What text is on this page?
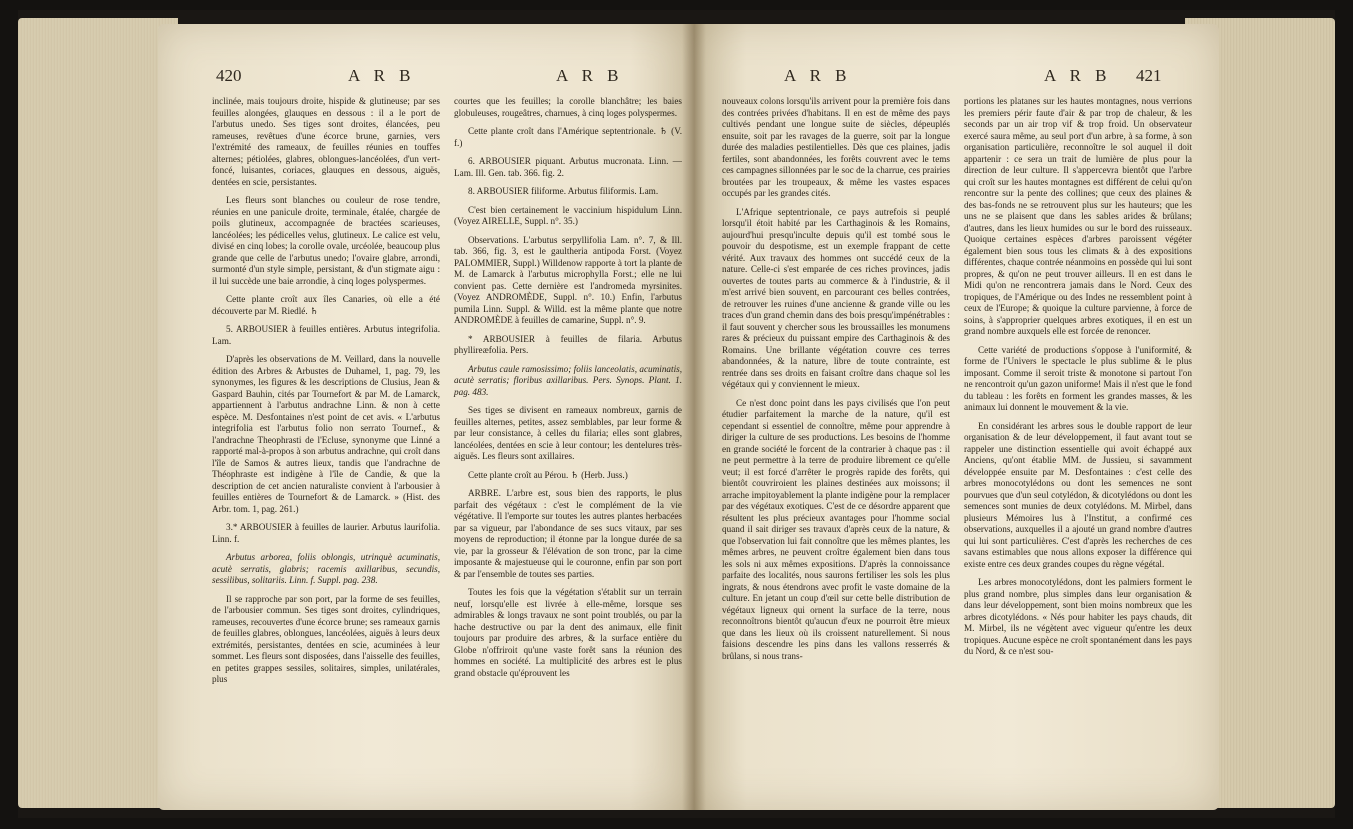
420	A R B	A R B

inclinée, mais toujours droite, hispide & glutineuse; par ses feuilles alongées, glauques en dessous : il a le port de l'arbutus unedo. Ses tiges sont droites, élancées, peu rameuses, revêtues d'une écorce brune, garnies, vers l'extrémité des rameaux, de feuilles réunies en touffes alternes; pétiolées, glabres, oblongues-lancéolées, d'un vert-foncé, luisantes, coriaces, glauques en dessous, aiguës, dentées en scie, persistantes.

Les fleurs sont blanches ou couleur de rose tendre, réunies en une panicule droite, terminale, étalée, chargée de poils glutineux, accompagnée de bractées scarieuses, lancéolées; les pédicelles velus, glutineux. Le calice est velu, divisé en cinq lobes; la corolle ovale, urcéolée, beaucoup plus grande que celle de l'arbutus unedo; l'ovaire glabre, arrondi, surmonté d'un style simple, persistant, & d'un stigmate aigu : il lui succède une baie arrondie, à cinq loges polyspermes.

Cette plante croît aux îles Canaries, où elle a été découverte par M. Riedlé. ♄

5. ARBOUSIER à feuilles entières. Arbutus integrifolia. Lam.

D'après les observations de M. Veillard, dans la nouvelle édition des Arbres & Arbustes de Duhamel, 1, pag. 79, les synonymes, les figures & les descriptions de Clusius, Jean & Gaspard Bauhin, cités par Tournefort & par M. de Lamarck, appartiennent à l'arbutus andrachne Linn. & non à cette espèce. M. Desfontaines n'est point de cet avis. « L'arbutus integrifolia est l'arbutus folio non serrato Tournef., & l'andrachne Theophrasti de l'Ecluse, synonyme que Linné a rapporté mal-à-propos à son arbutus andrachne, qui croît dans l'île de Samos & autres lieux, tandis que l'andrachne de Théophraste est indigène à l'île de Candie, & que la description de cet ancien naturaliste convient à l'arbousier à feuilles entières de Tournefort & de Lamarck. » (Hist. des Arbr. tom. 1, pag. 261.)

3.* ARBOUSIER à feuilles de laurier. Arbutus laurifolia. Linn. f.

Arbutus arborea, foliis oblongis, utrinquè acuminatis, acutè serratis, glabris; racemis axillaribus, secundis, sessilibus, solitariis. Linn. f. Suppl. pag. 238.

Il se rapproche par son port, par la forme de ses feuilles, de l'arbousier commun. Ses tiges sont droites, cylindriques, rameuses, recouvertes d'une écorce brune; ses rameaux garnis de feuilles glabres, oblongues, lancéolées, aiguës à leurs deux extrémités, persistantes, dentées en scie, acuminées à leur sommet. Les fleurs sont disposées, dans l'aisselle des feuilles, en petites grappes sessiles, solitaires, simples, unilatérales, plus

courtes que les feuilles; la corolle blanchâtre; les baies globuleuses, rougeâtres, charnues, à cinq loges polyspermes.

Cette plante croît dans l'Amérique septentrionale. ♄ (V. f.)

6. ARBOUSIER piquant. Arbutus mucronata. Linn. — Lam. Ill. Gen. tab. 366. fig. 2.

8. ARBOUSIER filiforme. Arbutus filiformis. Lam.

C'est bien certainement le vaccinium hispidulum Linn. (Voyez AIRELLE, Suppl. n°. 35.)

Observations. L'arbutus serpyllifolia Lam. n°. 7, & Ill. tab. 366, fig. 3, est le gaultheria antipoda Forst. (Voyez PALOMMIER, Suppl.) Willdenow rapporte à tort la plante de M. de Lamarck à l'arbutus microphylla Forst.; elle ne lui convient pas. Cette dernière est l'andromeda myrsinites. (Voyez ANDROMÈDE, Suppl. n°. 10.) Enfin, l'arbutus pumila Linn. Suppl. & Willd. est la même plante que notre ANDROMÈDE à feuilles de camarine, Suppl. n°. 9.

* ARBOUSIER à feuilles de filaria. Arbutus phyllireæfolia. Pers.

Arbutus caule ramosissimo; foliis lanceolatis, acuminatis, acutè serratis; floribus axillaribus. Pers. Synops. Plant. 1. pag. 483.

Ses tiges se divisent en rameaux nombreux, garnis de feuilles alternes, petites, assez semblables, par leur forme & par leur consistance, à celles du filaria; elles sont glabres, lancéolées, dentées en scie à leur contour; les dentelures très-aiguës. Les fleurs sont axillaires.

Cette plante croît au Pérou. ♄ (Herb. Juss.)

ARBRE. L'arbre est, sous bien des rapports, le plus parfait des végétaux : c'est le complément de la vie végétative. Il l'emporte sur toutes les autres plantes herbacées par sa vigueur, par l'abondance de ses sucs vitaux, par ses moyens de reproduction; il étonne par la longue durée de sa vie, par la grosseur & l'élévation de son tronc, par la cime imposante & majestueuse qui le couronne, enfin par son port & par l'ensemble de toutes ses parties.

Toutes les fois que la végétation s'établit sur un terrain neuf, lorsqu'elle est livrée à elle-même, lorsque ses admirables & longs travaux ne sont point troublés, ou par la hache destructive ou par la dent des animaux, elle finit toujours par produire des arbres, & la surface entière du Globe n'offriroit qu'une vaste forêt sans la réunion des hommes en société. La multiplicité des arbres est le plus grand obstacle qu'éprouvent les

A R B	A R B 421

nouveaux colons lorsqu'ils arrivent pour la première fois dans des contrées privées d'habitans. Il en est de même des pays cultivés pendant une longue suite de siècles, dépeuplés ensuite, soit par les ravages de la guerre, soit par la longue durée des maladies pestilentielles. Dès que ces plaines, jadis fertiles, sont abandonnées, les forêts couvrent avec le tems ces campagnes sillonnées par le soc de la charrue, ces prairies broutées par les troupeaux, & même les vastes espaces occupés par les grandes cités.

L'Afrique septentrionale, ce pays autrefois si peuplé lorsqu'il étoit habité par les Carthaginois & les Romains, aujourd'hui presqu'inculte depuis qu'il est tombé sous le pouvoir du despotisme, est un exemple frappant de cette vérité. Aux travaux des hommes ont succédé ceux de la nature. Celle-ci s'est emparée de ces riches provinces, jadis ouvertes de toutes parts au commerce & à l'industrie, & il m'est arrivé bien souvent, en parcourant ces belles contrées, de retrouver les ruines d'une ancienne & grande ville ou les traces d'un grand chemin dans des bois presqu'impénétrables : il faut souvent y chercher sous les broussailles les monumens rares & précieux du puissant empire des Carthaginois & des Romains. Une brillante végétation couvre ces terres abandonnées, & la nature, libre de toute contrainte, est rentrée dans ses droits en faisant croître dans chaque sol les végétaux qui y conviennent le mieux.

Ce n'est donc point dans les pays civilisés que l'on peut étudier parfaitement la marche de la nature, qu'il est cependant si essentiel de connoître, même pour apprendre à diriger la culture de ses productions. Les besoins de l'homme en grande société le forcent de la contrarier à chaque pas : il ne peut permettre à la terre de produire librement ce qu'elle veut; il est forcé d'arrêter le progrès rapide des forêts, qui bientôt couvriroient les plaines destinées aux moissons; il arrache impitoyablement la plante indigène pour la remplacer par des végétaux exotiques. C'est de ce désordre apparent que résultent les plus précieux avantages pour l'homme social quand il sait diriger ses travaux d'après ceux de la nature, & que l'observation lui fait connoître que les mêmes plantes, les mêmes arbres, ne peuvent croître également bien dans tous les sols ni aux mêmes expositions. D'après la connoissance parfaite des localités, nous saurons fertiliser les sols les plus ingrats, & nous étendrons avec profit le vaste domaine de la culture. En jetant un coup d'œil sur cette belle distribution de végétaux ligneux qui ornent la surface de la terre, nous reconnoîtrons bientôt qu'aucun d'eux ne pourroit être mieux que dans les lieux où ils croissent naturellement. Si nous faisions descendre les pins dans les vallons resserrés & brûlans, si nous trans-

portions les platanes sur les hautes montagnes, nous verrions les premiers périr faute d'air & par trop de chaleur, & les seconds par un air trop vif & trop froid. Un observateur exercé saura même, au seul port d'un arbre, à sa forme, à son organisation particulière, reconnoître le sol auquel il doit appartenir : ce sera un trait de lumière de plus pour la direction de leur culture. Il s'appercevra bientôt que l'arbre qui croît sur les hautes montagnes est différent de celui qu'on rencontre sur la pente des collines; que ceux des plaines & des bas-fonds ne se retrouvent plus sur les hauteurs; que les uns ne se plaisent que dans les sables arides & brûlans; d'autres, dans les lieux humides ou sur le bord des ruisseaux. Quoique certaines espèces d'arbres paroissent végéter également bien sous tous les climats & à des expositions différentes, chaque contrée néanmoins en possède qui lui sont propres, & qu'on ne peut trouver ailleurs. Il en est dans le Midi qu'on ne rencontrera jamais dans le Nord. Ceux des tropiques, de l'Amérique ou des Indes ne ressemblent point à ceux de l'Europe; & quoique la culture parvienne, à force de soins, à s'approprier quelques arbres exotiques, il en est un grand nombre auxquels elle est forcée de renoncer.

Cette variété de productions s'oppose à l'uniformité, & forme de l'Univers le spectacle le plus sublime & le plus imposant. Comme il seroit triste & monotone si partout l'on ne rencontroit qu'un gazon uniforme! Mais il n'est que le fond du tableau : les forêts en forment les grandes masses, & les animaux lui donnent le mouvement & la vie.

En considérant les arbres sous le double rapport de leur organisation & de leur développement, il faut avant tout se rappeler une distinction essentielle qui avoit échappé aux Anciens, qu'ont établie MM. de Jussieu, si savamment développée ensuite par M. Desfontaines : c'est celle des arbres monocotylédons ou dont les semences ne sont pourvues que d'un seul cotylédon, & dicotylédons ou dont les semences sont munies de deux cotylédons. M. Mirbel, dans plusieurs Mémoires lus à l'Institut, a confirmé ces observations, auxquelles il a ajouté un grand nombre d'autres qui lui sont particulières. C'est d'après les recherches de ces savans estimables que nous allons exposer la différence qui existe entre ces deux grandes coupes du règne végétal.

Les arbres monocotylédons, dont les palmiers forment le plus grand nombre, plus simples dans leur organisation & dans leur développement, sont bien moins nombreux que les arbres dicotylédons. « Nés pour habiter les pays chauds, dit M. Mirbel, ils ne végètent avec vigueur qu'entre les deux tropiques. Aucune espèce ne croît spontanément dans les pays du Nord, & ce n'est sou-
